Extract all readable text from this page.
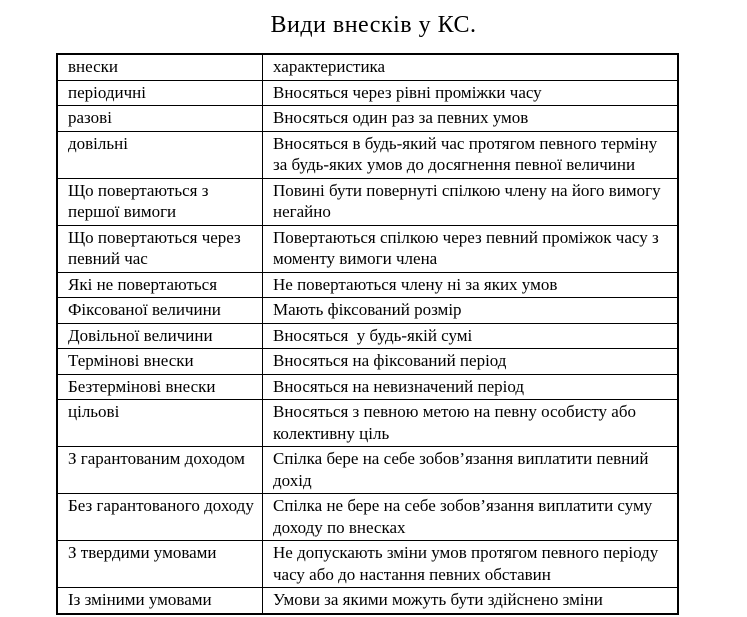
Види внесків у КС.
внески	характеристика
періодичні	Вносяться через рівні проміжки часу
разові	Вносяться один раз за певних умов
довільні	Вносяться в будь-який час протягом певного терміну за будь-яких умов до досягнення певної величини
Що повертаються з першої вимоги	Повині бути повернуті спілкою члену на його вимогу негайно
Що повертаються через певний час	Повертаються спілкою через певний проміжок часу з моменту вимоги члена
Які не повертаються	Не повертаються члену ні за яких умов
Фіксованої величини	Мають фіксований розмір
Довільної величини	Вносяться  у будь-якій сумі
Термінові внески	Вносяться на фіксований період
Безтермінові внески	Вносяться на невизначений період
цільові	Вносяться з певною метою на певну особисту або колективну ціль
З гарантованим доходом	Спілка бере на себе зобов’язання виплатити певний дохід
Без гарантованого доходу	Спілка не бере на себе зобов’язання виплатити суму доходу по внесках
З твердими умовами	Не допускають зміни умов протягом певного періоду часу або до настання певних обставин
Із зміними умовами	Умови за якими можуть бути здійснено зміни
